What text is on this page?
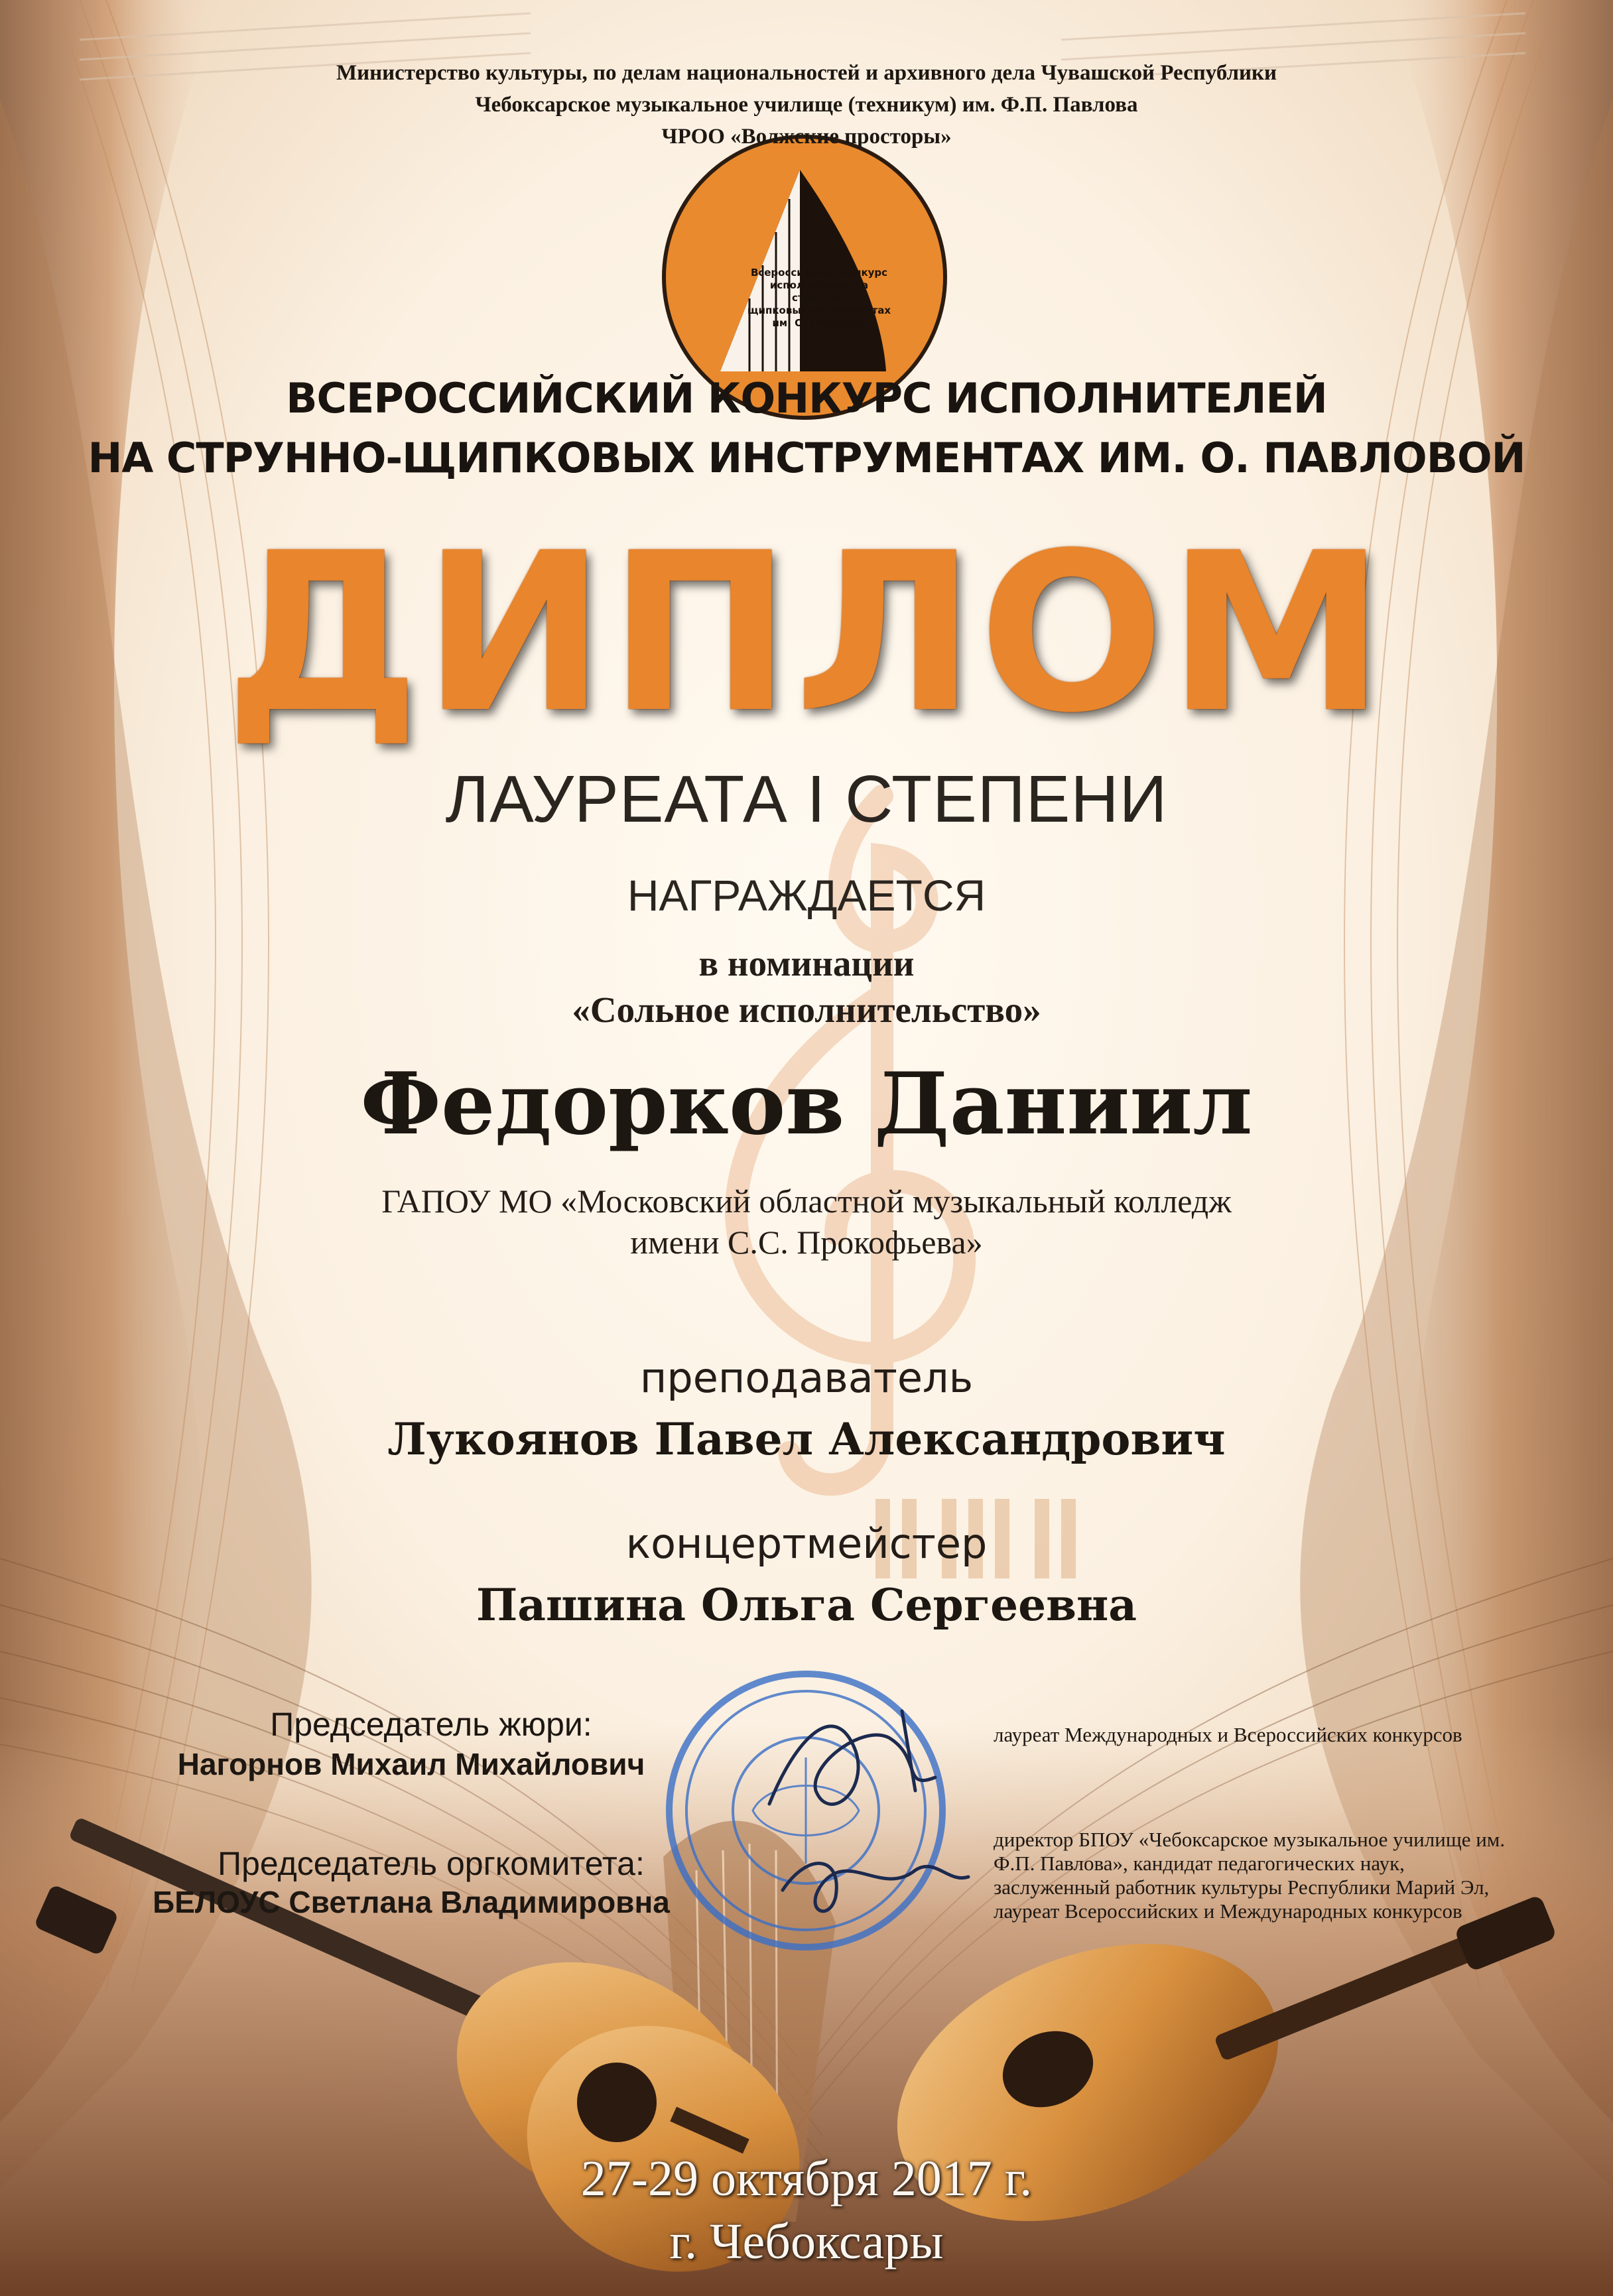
Министерство культуры, по делам национальностей и архивного дела Чувашской Республики
Чебоксарское музыкальное училище (техникум) им. Ф.П. Павлова
ЧРОО «Волжские просторы»
Всероссийский конкурс
исполнителей на струнных
щипковых инструментах
им. О. Павловой
ВСЕРОССИЙСКИЙ КОНКУРС ИСПОЛНИТЕЛЕЙ
НА СТРУННО-ЩИПКОВЫХ ИНСТРУМЕНТАХ ИМ. О. ПАВЛОВОЙ
ДИПЛОМ
ЛАУРЕАТА I СТЕПЕНИ
НАГРАЖДАЕТСЯ
в номинации
«Сольное исполнительство»
Федорков Даниил
ГАПОУ МО «Московский областной музыкальный колледж
имени С.С. Прокофьева»
преподаватель
Лукоянов Павел Александрович
концертмейстер
Пашина Ольга Сергеевна
Председатель жюри:
Нагорнов Михаил Михайлович
лауреат Международных и Всероссийских конкурсов
Председатель оргкомитета:
БЕЛОУС Светлана Владимировна
директор БПОУ «Чебоксарское музыкальное училище им.
Ф.П. Павлова», кандидат педагогических наук,
заслуженный работник культуры Республики Марий Эл,
лауреат Всероссийских и Международных конкурсов
27-29 октября 2017 г.
г. Чебоксары
